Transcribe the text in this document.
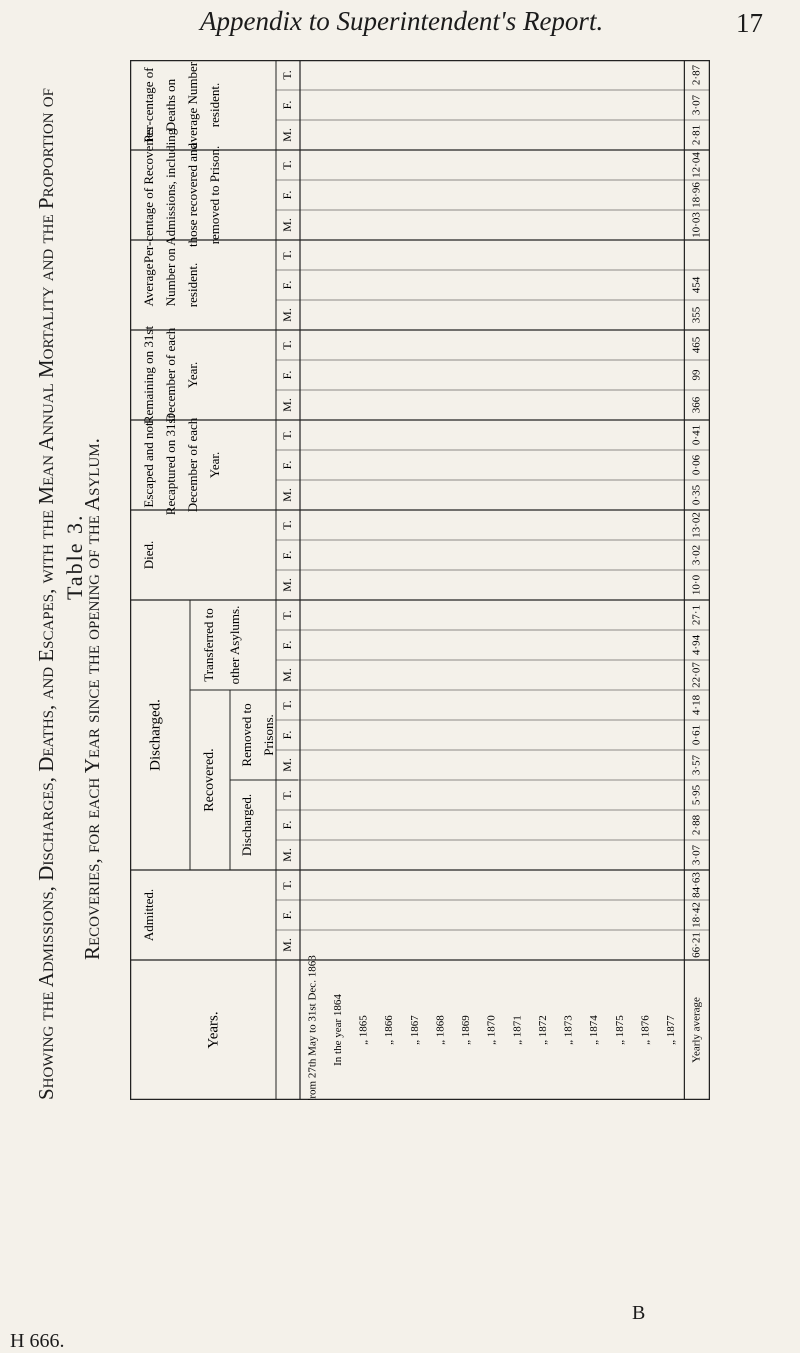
Appendix to Superintendent's Report.	17
Table 3.
Showing the Admissions, Discharges, Deaths, and Escapes, with the Mean Annual Mortality and the Proportion of Recoveries, for each Year since the opening of the Asylum.
Years.
Admitted.
Discharged.
Died.
Escaped and not Recaptured on 31st December of each Year.
Remaining on 31st December of each Year.
Average Number resident.
Per-centage of Recoveries on Admissions, including those recovered and removed to Prison.
Per-centage of Deaths on average Number resident.
Recovered.
Transferred to other Asylums.
Discharged.
Removed to Prisons.
M.
F.
T.
M.
F.
T.
M.
F.
T.
M.
F.
T.
M.
F.
T.
M.
F.
T.
M.
F.
T.
M.
F.
T.
M.
F.
T.
M.
F.
T.
From 27th May to 31st Dec. 1863 In the year 1864 „ 1865 „ 1866 „ 1867 „ 1868 „ 1869 „ 1870 „ 1871 „ 1872 „ 1873 „ 1874 „ 1875 „ 1876 „ 1877 Yearly average
66·21
18·42
84·63
3·07
2·88
5·95
3·57
0·61
4·18
22·07
4·94
27·1
10·0
3·02
13·02
0·35
0·06
0·41
366
99
465
355
454
10·03
18·96
12·04
2·81
3·07
2·87
H 666.
B
